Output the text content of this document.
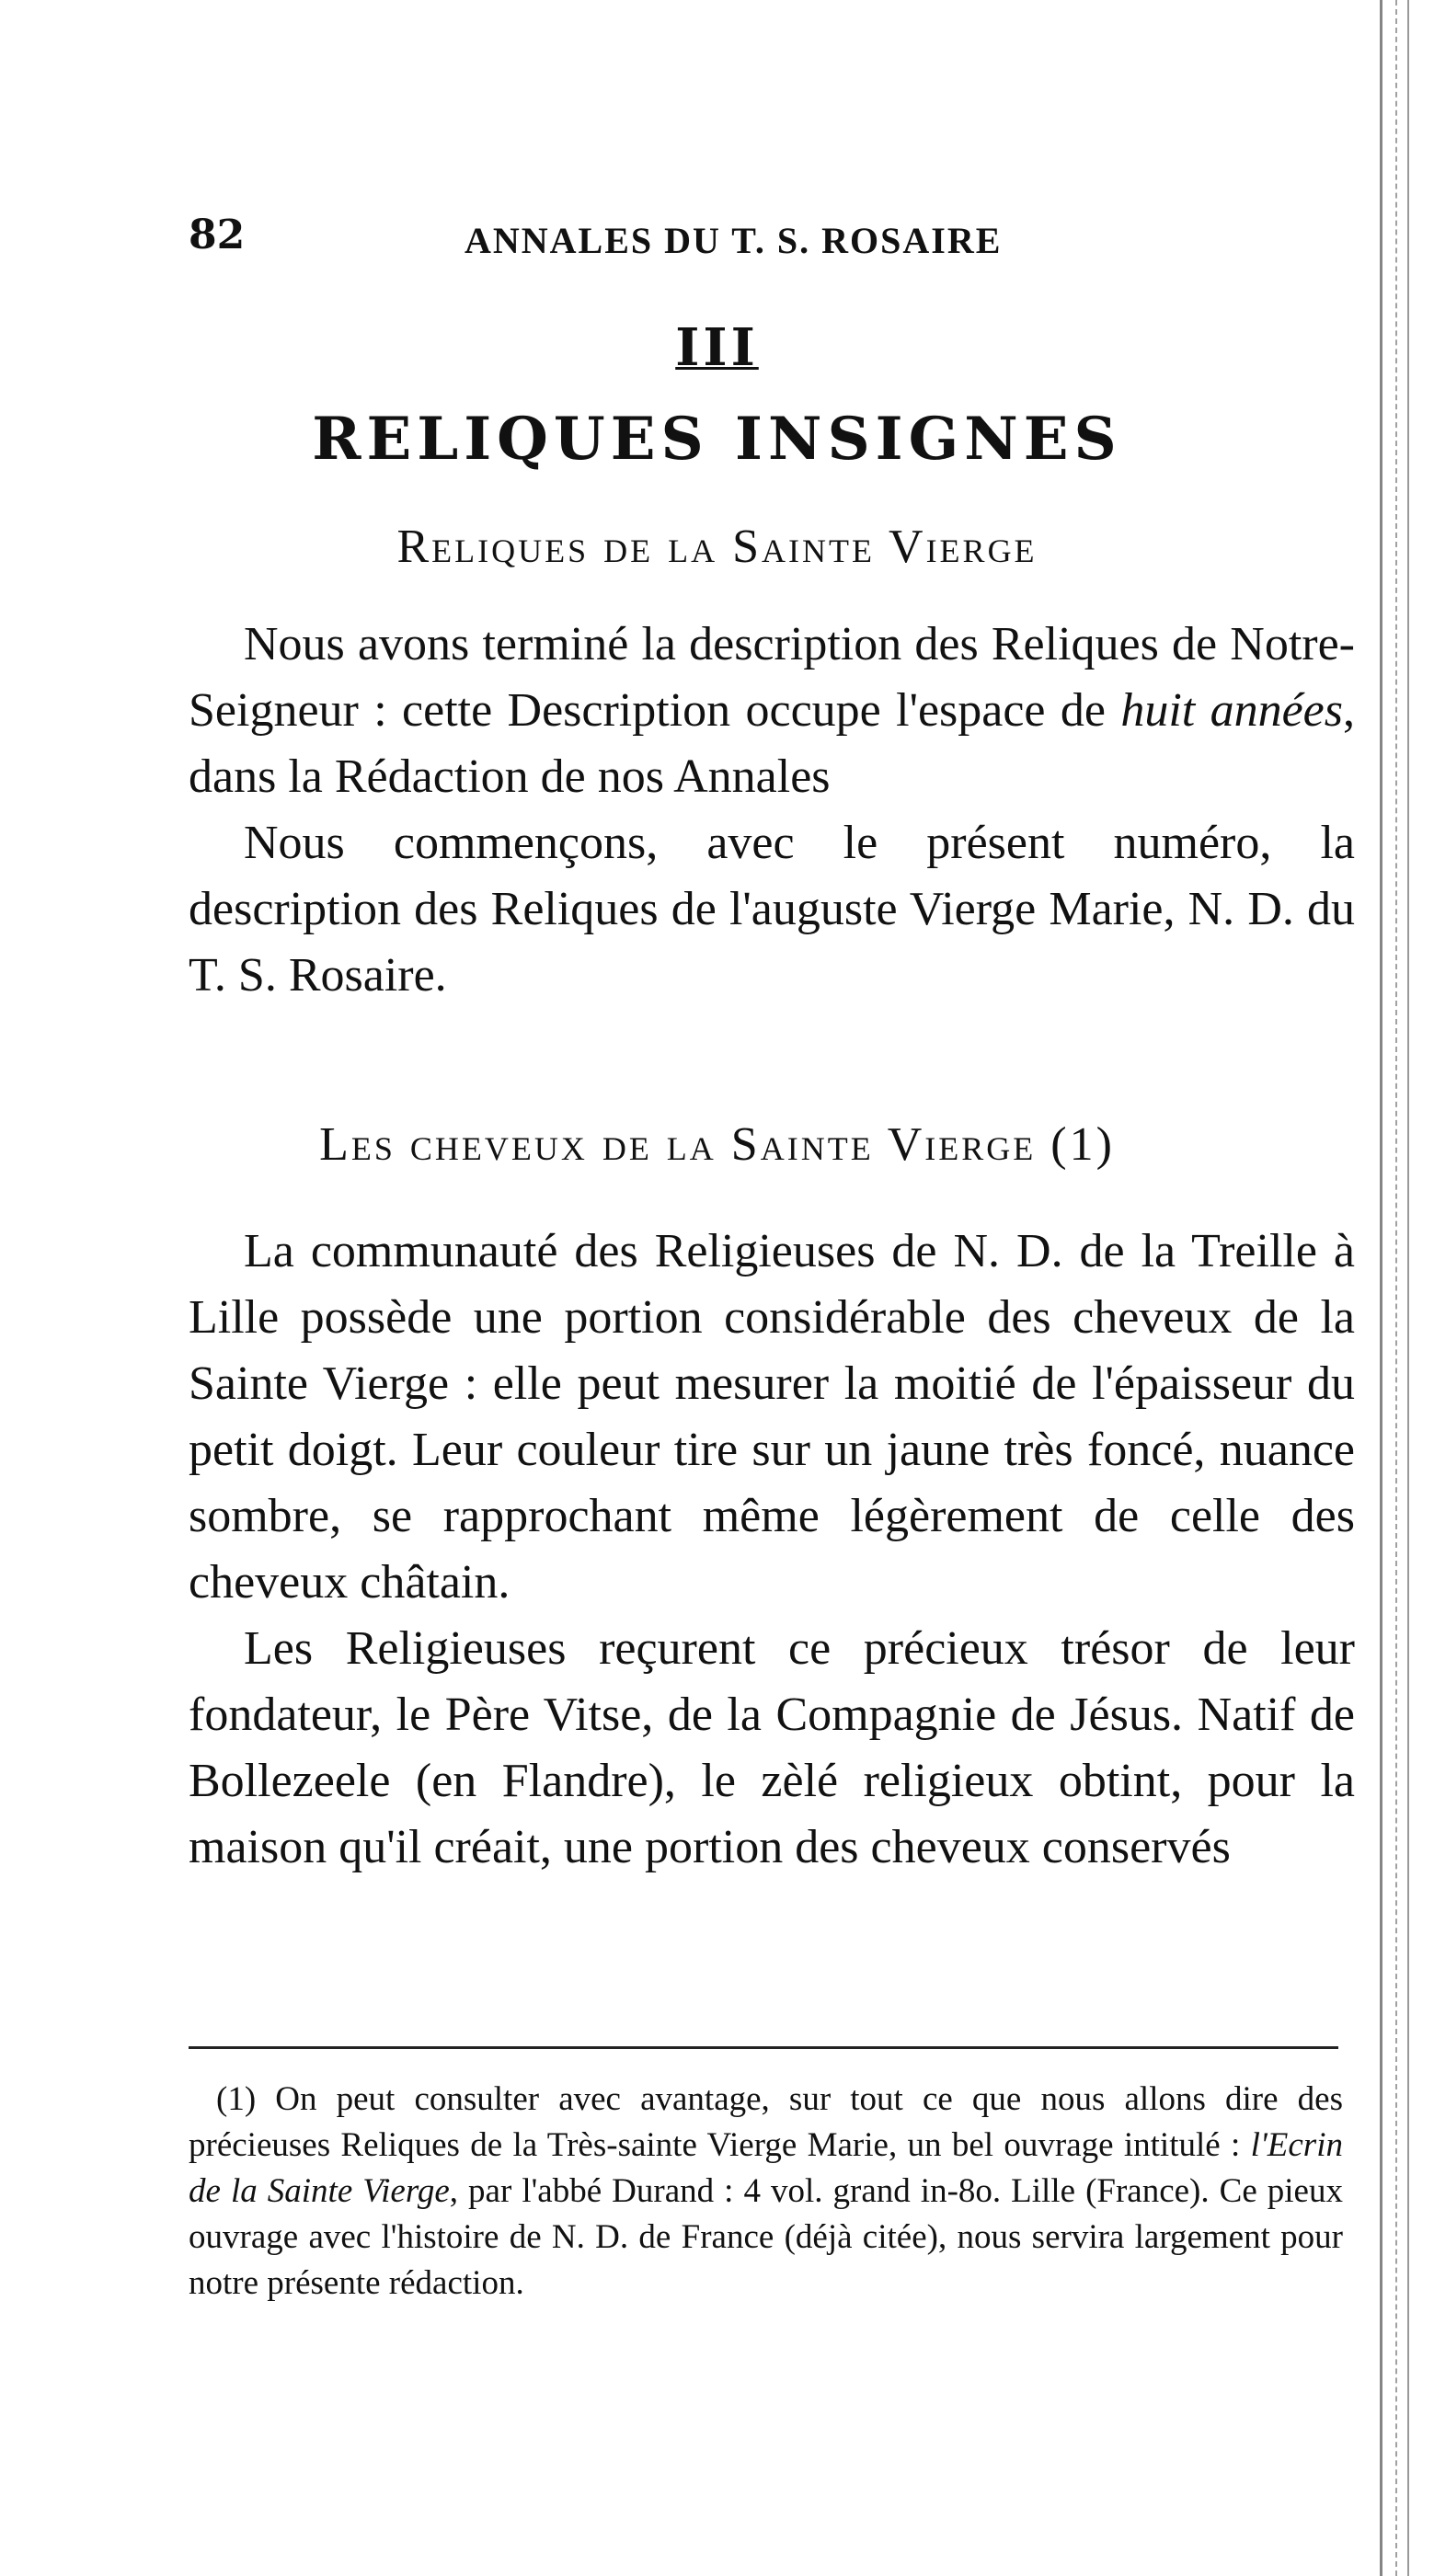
82	ANNALES DU T. S. ROSAIRE
III
RELIQUES INSIGNES
Reliques de la Sainte Vierge

Nous avons terminé la description des Reliques de Notre-Seigneur : cette Description occupe l'espace de huit années, dans la Rédaction de nos Annales

Nous commençons, avec le présent numéro, la description des Reliques de l'auguste Vierge Marie, N. D. du T. S. Rosaire.

Les cheveux de la Sainte Vierge (1)

La communauté des Religieuses de N. D. de la Treille à Lille possède une portion considérable des cheveux de la Sainte Vierge : elle peut mesurer la moitié de l'épaisseur du petit doigt. Leur couleur tire sur un jaune très foncé, nuance sombre, se rapprochant même légèrement de celle des cheveux châtain.

Les Religieuses reçurent ce précieux trésor de leur fondateur, le Père Vitse, de la Compagnie de Jésus. Natif de Bollezeele (en Flandre), le zèlé religieux obtint, pour la maison qu'il créait, une portion des cheveux conservés

(1) On peut consulter avec avantage, sur tout ce que nous allons dire des précieuses Reliques de la Très-sainte Vierge Marie, un bel ouvrage intitulé : l'Ecrin de la Sainte Vierge, par l'abbé Durand : 4 vol. grand in-8o. Lille (France). Ce pieux ouvrage avec l'histoire de N. D. de France (déjà citée), nous servira largement pour notre présente rédaction.
